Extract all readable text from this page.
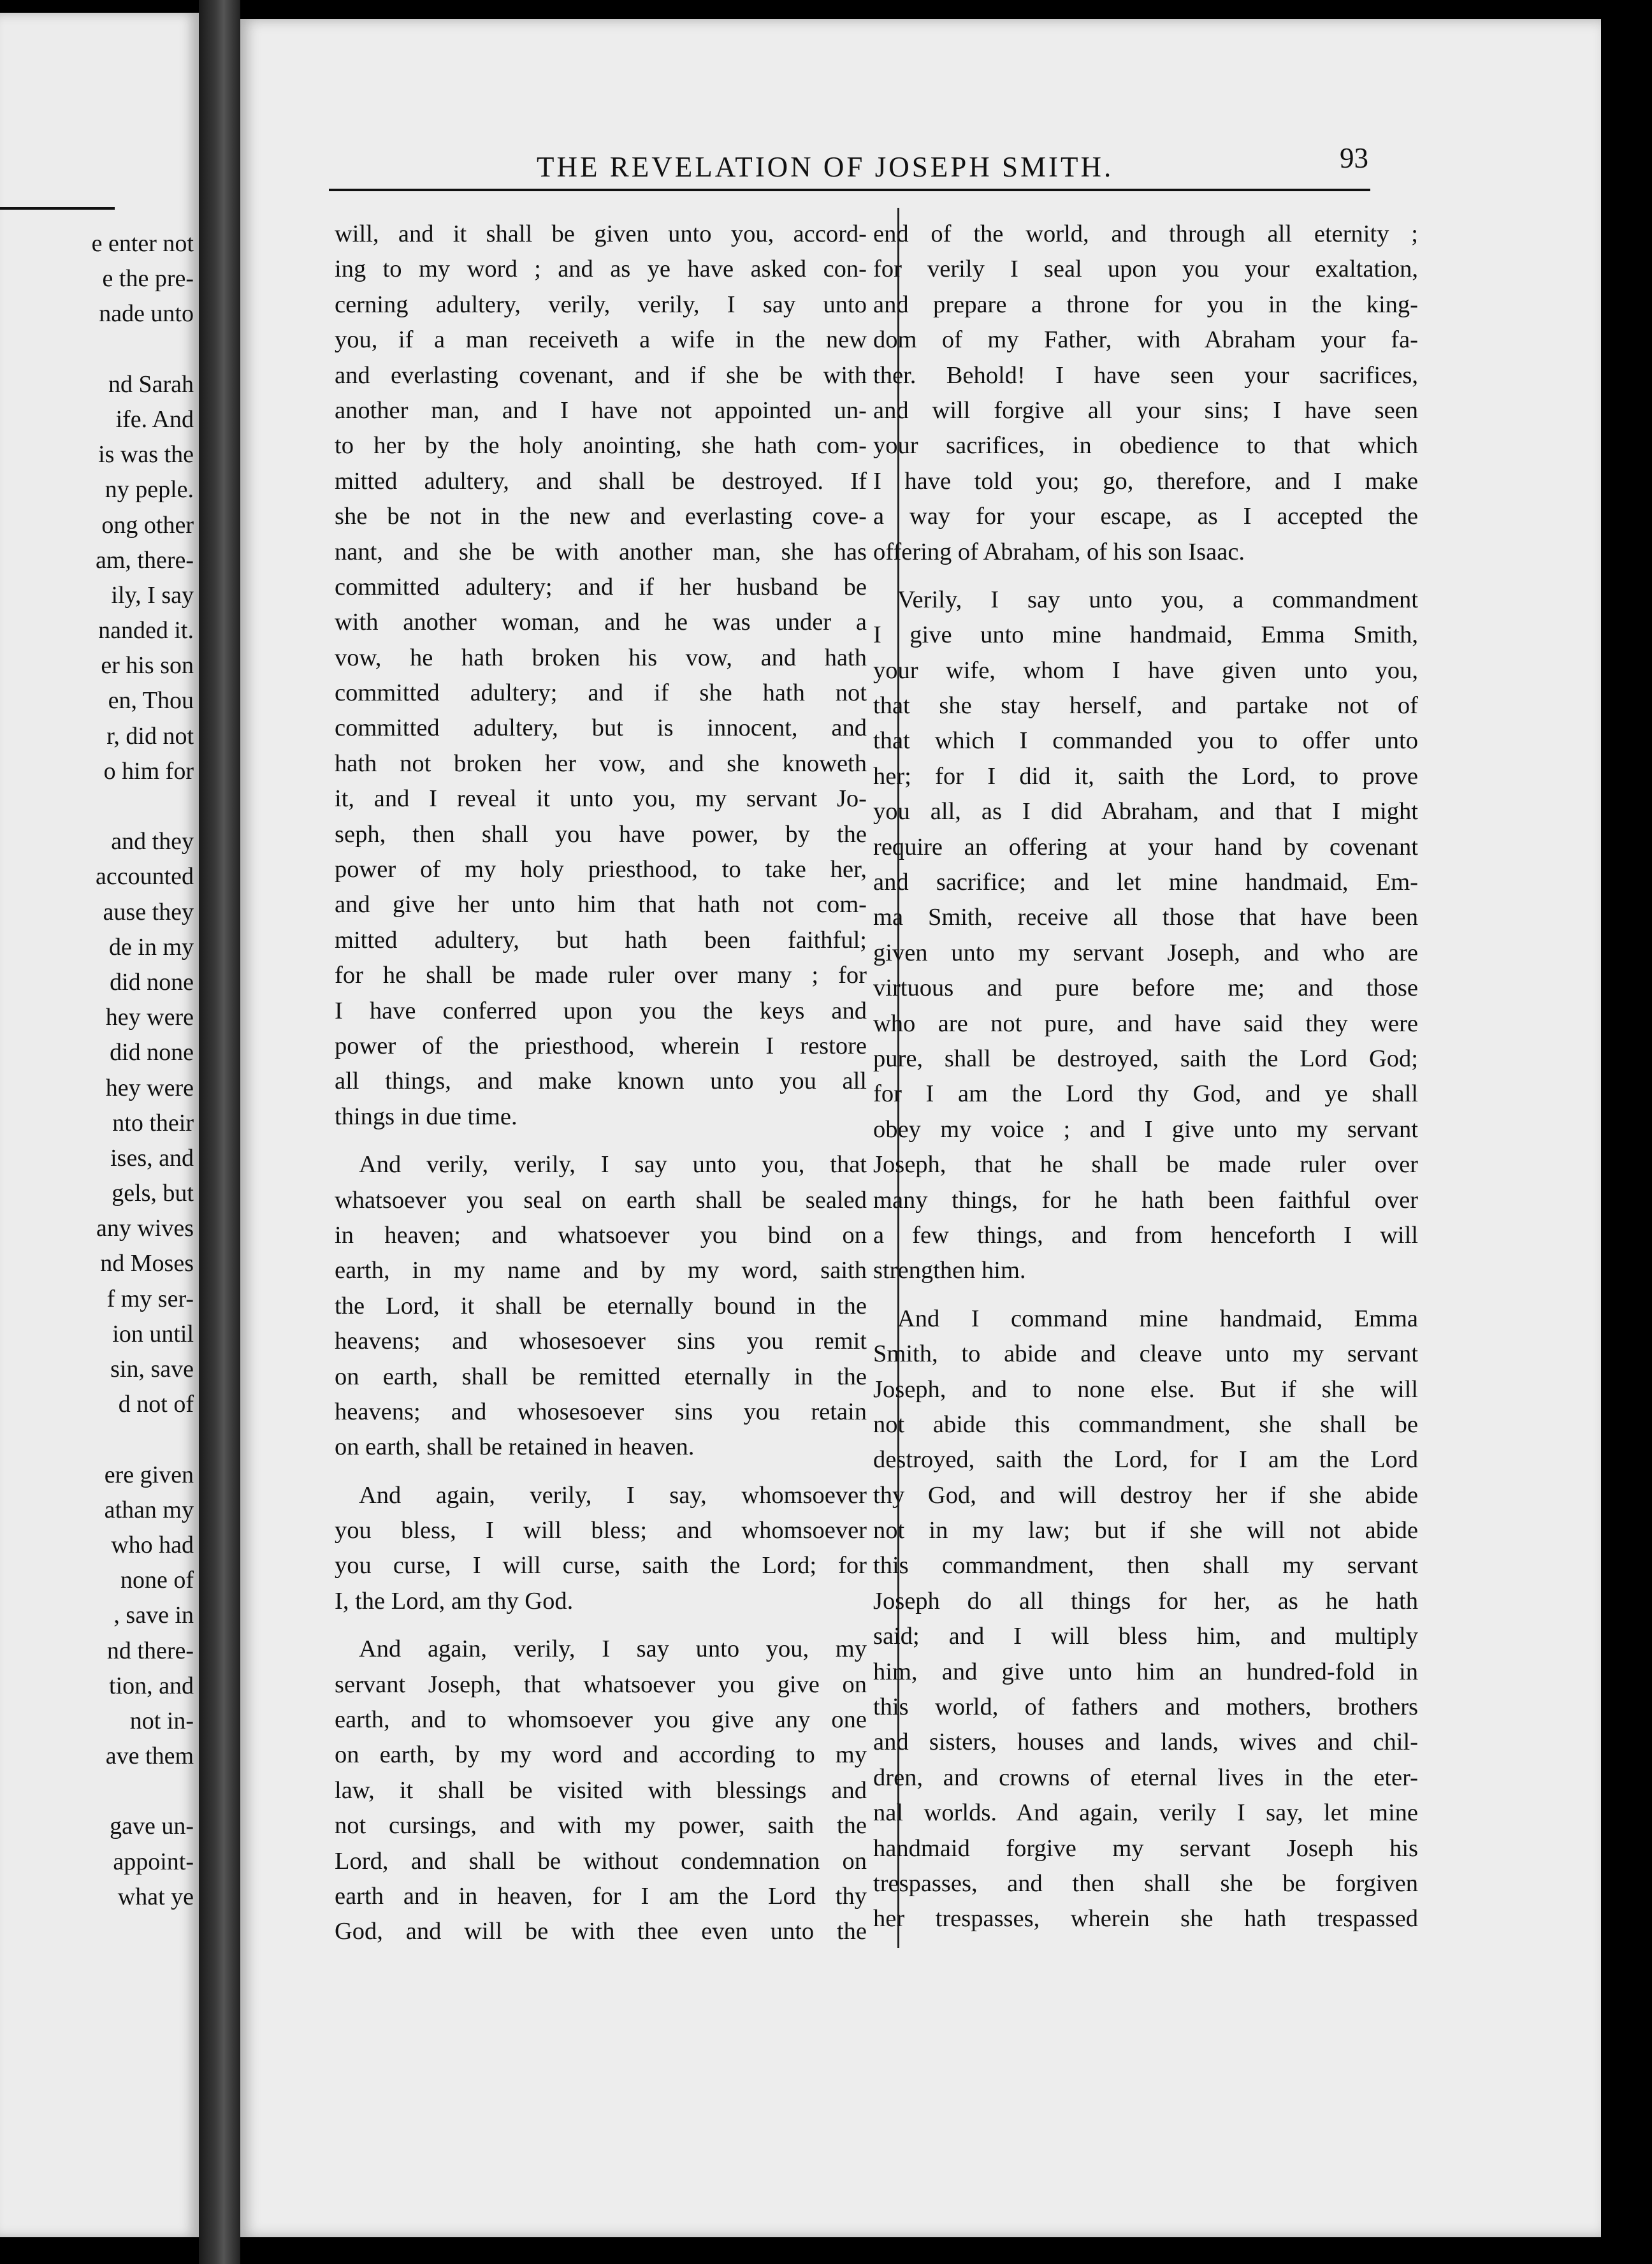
e enter not
e the pre-
nade unto
nd Sarah
ife. And
is was the
ny peple.
ong other
am, there-
ily, I say
nanded it.
er his son
en, Thou
r, did not
o him for
and they
accounted
ause they
de in my
did none
hey were
did none
hey were
nto their
ises, and
gels, but
any wives
nd Moses
f my ser-
ion until
sin, save
d not of
ere given
athan my
who had
none of
, save in
nd there-
tion, and
not in-
ave them
gave un-
appoint-
what ye
THE REVELATION OF JOSEPH SMITH.	93
will, and it shall be given unto you, accord-
ing to my word ; and as ye have asked con-
cerning adultery, verily, verily, I say unto
you, if a man receiveth a wife in the new
and everlasting covenant, and if she be with
another man, and I have not appointed un-
to her by the holy anointing, she hath com-
mitted adultery, and shall be destroyed. If
she be not in the new and everlasting cove-
nant, and she be with another man, she has
committed adultery; and if her husband be
with another woman, and he was under a
vow, he hath broken his vow, and hath
committed adultery; and if she hath not
committed adultery, but is innocent, and
hath not broken her vow, and she knoweth
it, and I reveal it unto you, my servant Jo-
seph, then shall you have power, by the
power of my holy priesthood, to take her,
and give her unto him that hath not com-
mitted adultery, but hath been faithful;
for he shall be made ruler over many ; for
I have conferred upon you the keys and
power of the priesthood, wherein I restore
all things, and make known unto you all
things in due time.
And verily, verily, I say unto you, that
whatsoever you seal on earth shall be sealed
in heaven; and whatsoever you bind on
earth, in my name and by my word, saith
the Lord, it shall be eternally bound in the
heavens; and whosesoever sins you remit
on earth, shall be remitted eternally in the
heavens; and whosesoever sins you retain
on earth, shall be retained in heaven.
And again, verily, I say, whomsoever
you bless, I will bless; and whomsoever
you curse, I will curse, saith the Lord; for
I, the Lord, am thy God.
And again, verily, I say unto you, my
servant Joseph, that whatsoever you give on
earth, and to whomsoever you give any one
on earth, by my word and according to my
law, it shall be visited with blessings and
not cursings, and with my power, saith the
Lord, and shall be without condemnation on
earth and in heaven, for I am the Lord thy
God, and will be with thee even unto the
end of the world, and through all eternity ;
for verily I seal upon you your exaltation,
and prepare a throne for you in the king-
dom of my Father, with Abraham your fa-
ther. Behold! I have seen your sacrifices,
and will forgive all your sins; I have seen
your sacrifices, in obedience to that which
I have told you; go, therefore, and I make
a way for your escape, as I accepted the
offering of Abraham, of his son Isaac.
Verily, I say unto you, a commandment
I give unto mine handmaid, Emma Smith,
your wife, whom I have given unto you,
that she stay herself, and partake not of
that which I commanded you to offer unto
her; for I did it, saith the Lord, to prove
you all, as I did Abraham, and that I might
require an offering at your hand by covenant
and sacrifice; and let mine handmaid, Em-
ma Smith, receive all those that have been
given unto my servant Joseph, and who are
virtuous and pure before me; and those
who are not pure, and have said they were
pure, shall be destroyed, saith the Lord God;
for I am the Lord thy God, and ye shall
obey my voice ; and I give unto my servant
Joseph, that he shall be made ruler over
many things, for he hath been faithful over
a few things, and from henceforth I will
strengthen him.
And I command mine handmaid, Emma
Smith, to abide and cleave unto my servant
Joseph, and to none else. But if she will
not abide this commandment, she shall be
destroyed, saith the Lord, for I am the Lord
thy God, and will destroy her if she abide
not in my law; but if she will not abide
this commandment, then shall my servant
Joseph do all things for her, as he hath
said; and I will bless him, and multiply
him, and give unto him an hundred-fold in
this world, of fathers and mothers, brothers
and sisters, houses and lands, wives and chil-
dren, and crowns of eternal lives in the eter-
nal worlds. And again, verily I say, let mine
handmaid forgive my servant Joseph his
trespasses, and then shall she be forgiven
her trespasses, wherein she hath trespassed
